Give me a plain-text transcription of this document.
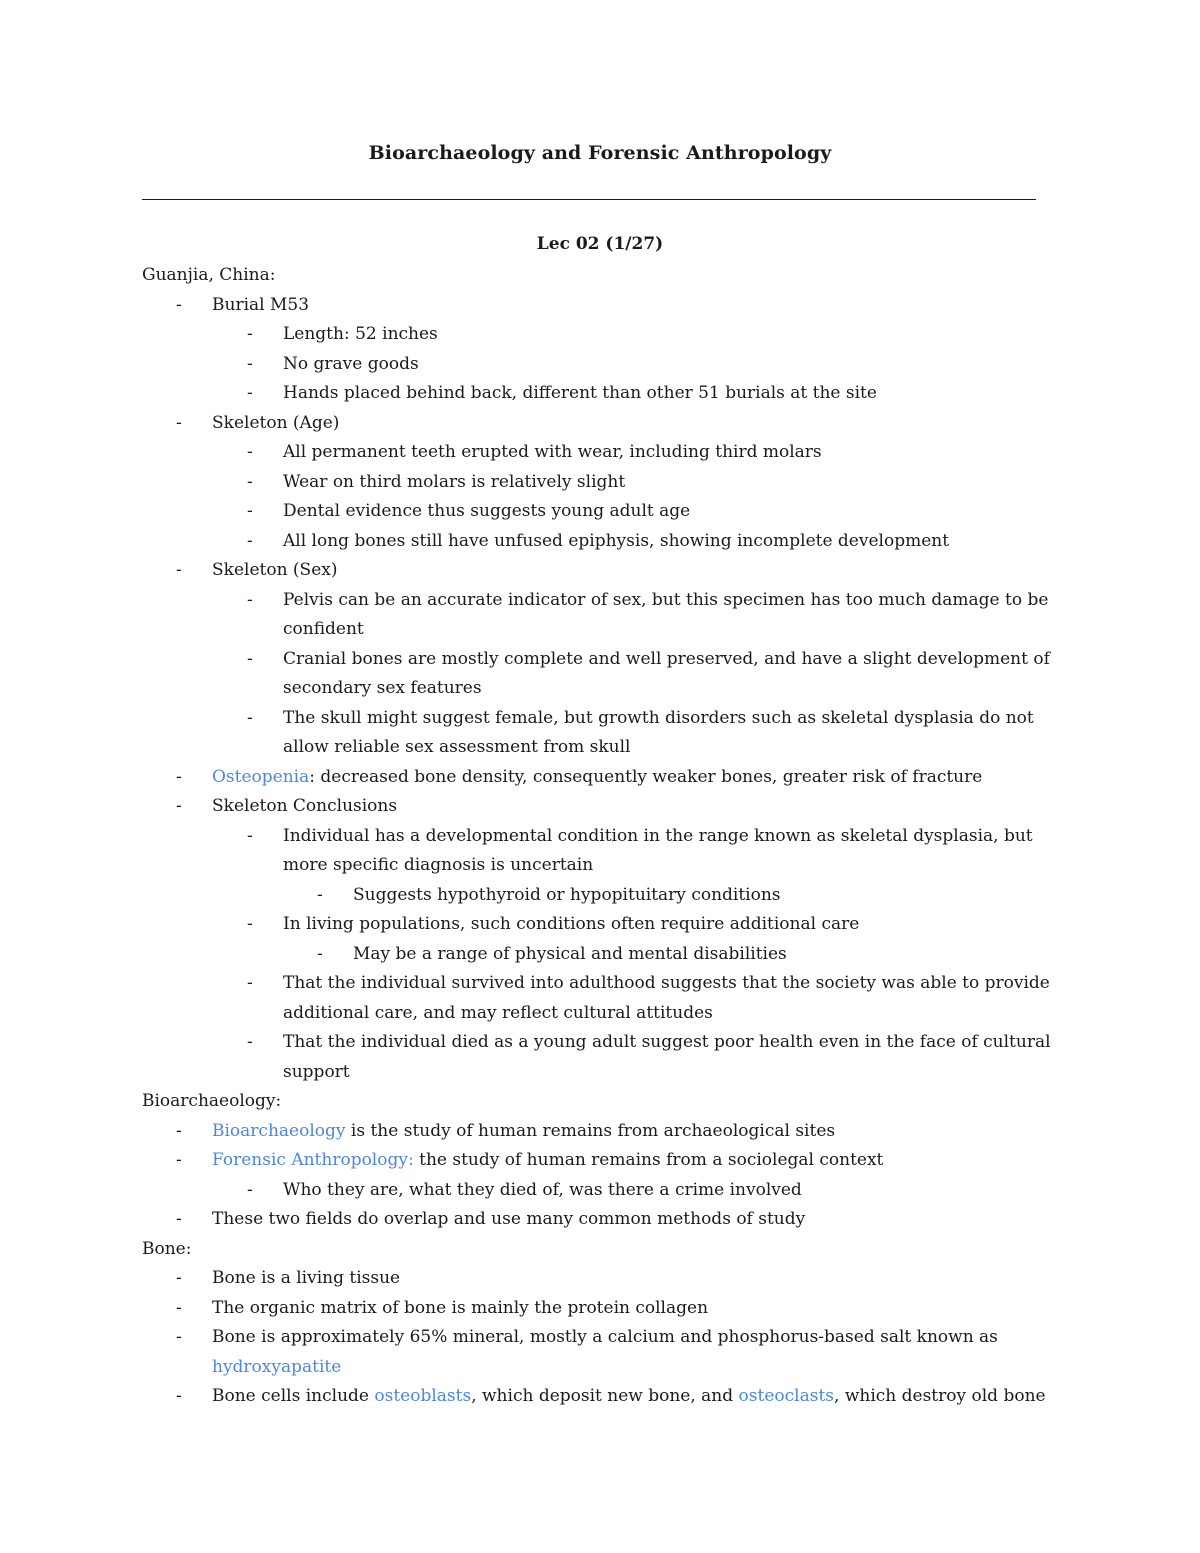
Bioarchaeology and Forensic Anthropology
Lec 02 (1/27)
Guanjia, China:
- Burial M53
- Length: 52 inches
- No grave goods
- Hands placed behind back, different than other 51 burials at the site
- Skeleton (Age)
- All permanent teeth erupted with wear, including third molars
- Wear on third molars is relatively slight
- Dental evidence thus suggests young adult age
- All long bones still have unfused epiphysis, showing incomplete development
- Skeleton (Sex)
- Pelvis can be an accurate indicator of sex, but this specimen has too much damage to be
confident
- Cranial bones are mostly complete and well preserved, and have a slight development of
secondary sex features
- The skull might suggest female, but growth disorders such as skeletal dysplasia do not
allow reliable sex assessment from skull
- Osteopenia: decreased bone density, consequently weaker bones, greater risk of fracture
- Skeleton Conclusions
- Individual has a developmental condition in the range known as skeletal dysplasia, but
more specific diagnosis is uncertain
- Suggests hypothyroid or hypopituitary conditions
- In living populations, such conditions often require additional care
- May be a range of physical and mental disabilities
- That the individual survived into adulthood suggests that the society was able to provide
additional care, and may reflect cultural attitudes
- That the individual died as a young adult suggest poor health even in the face of cultural
support
Bioarchaeology:
- Bioarchaeology is the study of human remains from archaeological sites
- Forensic Anthropology: the study of human remains from a sociolegal context
- Who they are, what they died of, was there a crime involved
- These two fields do overlap and use many common methods of study
Bone:
- Bone is a living tissue
- The organic matrix of bone is mainly the protein collagen
- Bone is approximately 65% mineral, mostly a calcium and phosphorus-based salt known as
hydroxyapatite
- Bone cells include osteoblasts, which deposit new bone, and osteoclasts, which destroy old bone
